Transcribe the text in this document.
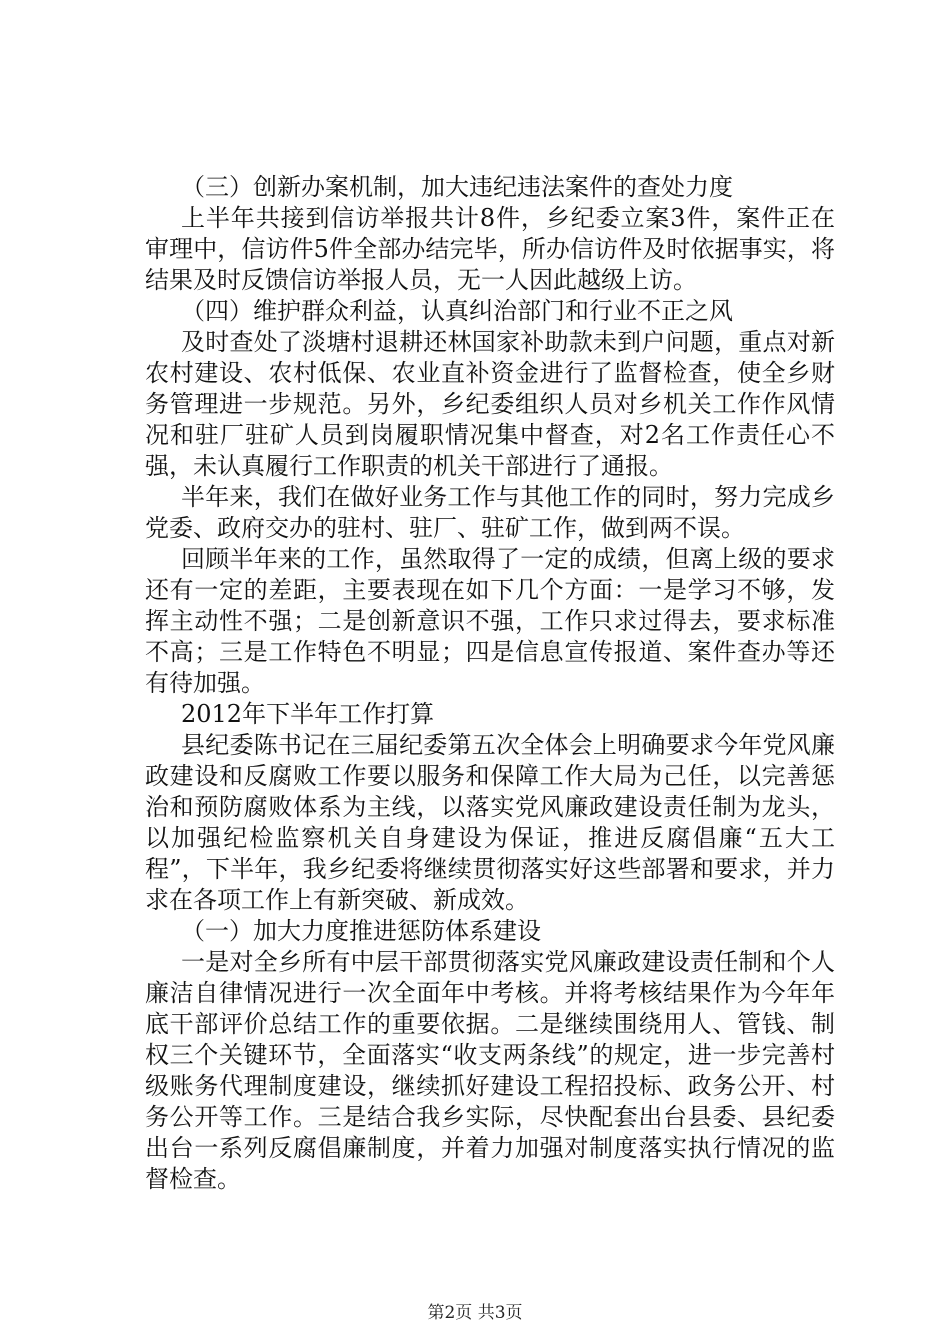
（三）创新办案机制，加大违纪违法案件的查处力度

上半年共接到信访举报共计8件，乡纪委立案3件，案件正在审理中，信访件5件全部办结完毕，所办信访件及时依据事实，将结果及时反馈信访举报人员，无一人因此越级上访。

（四）维护群众利益，认真纠治部门和行业不正之风

及时查处了淡塘村退耕还林国家补助款未到户问题，重点对新农村建设、农村低保、农业直补资金进行了监督检查，使全乡财务管理进一步规范。另外，乡纪委组织人员对乡机关工作作风情况和驻厂驻矿人员到岗履职情况集中督查，对2名工作责任心不强，未认真履行工作职责的机关干部进行了通报。

半年来，我们在做好业务工作与其他工作的同时，努力完成乡党委、政府交办的驻村、驻厂、驻矿工作，做到两不误。

回顾半年来的工作，虽然取得了一定的成绩，但离上级的要求还有一定的差距，主要表现在如下几个方面：一是学习不够，发挥主动性不强；二是创新意识不强，工作只求过得去，要求标准不高；三是工作特色不明显；四是信息宣传报道、案件查办等还有待加强。

2012年下半年工作打算

县纪委陈书记在三届纪委第五次全体会上明确要求今年党风廉政建设和反腐败工作要以服务和保障工作大局为己任，以完善惩治和预防腐败体系为主线，以落实党风廉政建设责任制为龙头，以加强纪检监察机关自身建设为保证，推进反腐倡廉“五大工程”，下半年，我乡纪委将继续贯彻落实好这些部署和要求，并力求在各项工作上有新突破、新成效。

（一）加大力度推进惩防体系建设

一是对全乡所有中层干部贯彻落实党风廉政建设责任制和个人廉洁自律情况进行一次全面年中考核。并将考核结果作为今年年底干部评价总结工作的重要依据。二是继续围绕用人、管钱、制权三个关键环节，全面落实“收支两条线”的规定，进一步完善村级账务代理制度建设，继续抓好建设工程招投标、政务公开、村务公开等工作。三是结合我乡实际，尽快配套出台县委、县纪委出台一系列反腐倡廉制度，并着力加强对制度落实执行情况的监督检查。

第2页 共3页
